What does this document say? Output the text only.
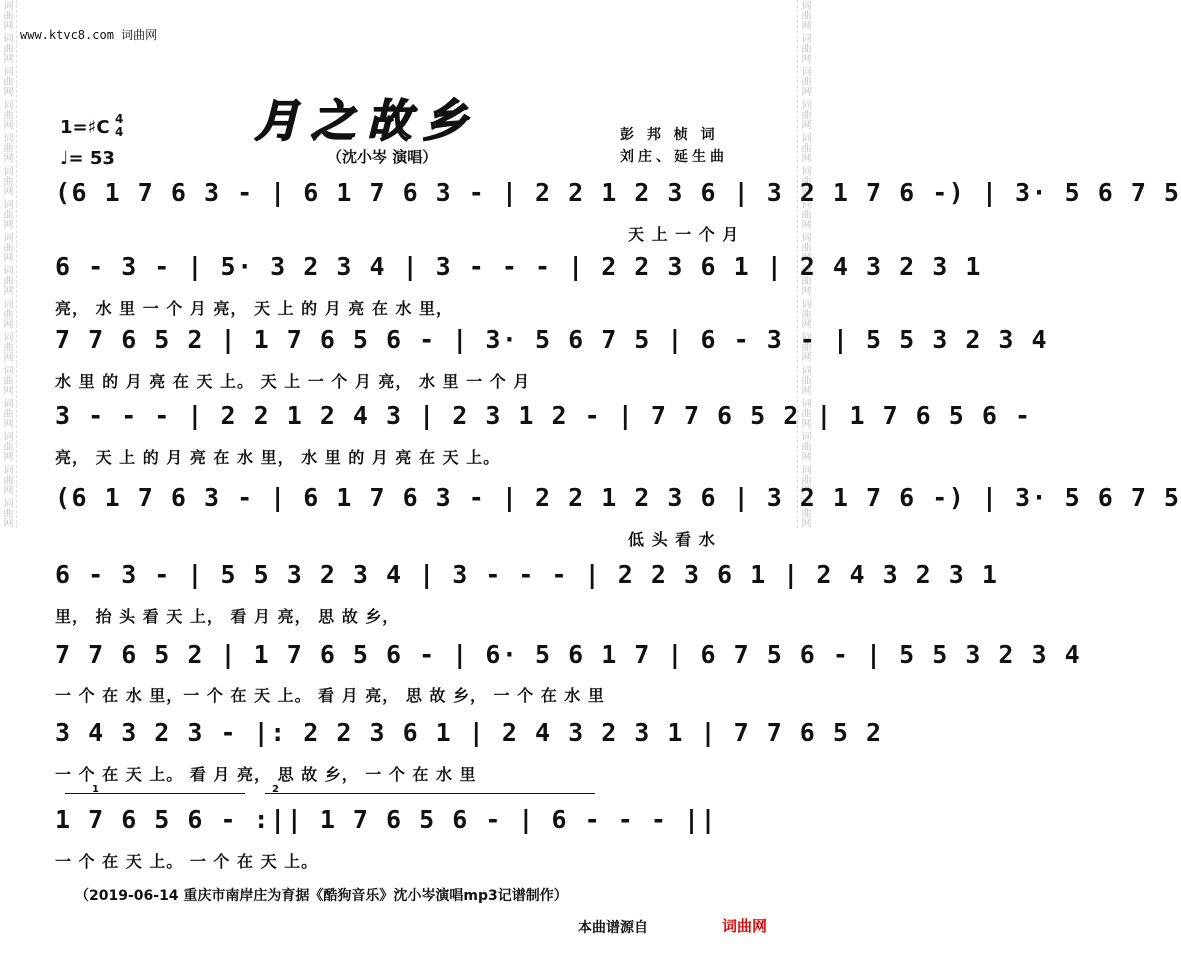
词曲网 词曲网 词曲网 词曲网 词曲网 词曲网 词曲网 词曲网 词曲网 词曲网 词曲网 词曲网 词曲网 词曲网 词曲网 词曲网	词曲网 词曲网 词曲网 词曲网 词曲网 词曲网 词曲网 词曲网 词曲网 词曲网 词曲网 词曲网 词曲网 词曲网 词曲网 词曲网
www.ktvc8.com 词曲网
月之故乡
1=♯C 4
4
♩= 53	（沈小岑 演唱）
彭 邦 桢 词
刘庄、延生曲
(6 1 7 6 3 - | 6 1 7 6 3 - | 2 2 1 2 3 6 | 3 2 1 7 6 -) | 3· 5 6 7 5
天 上 一 个 月
6 - 3 - | 5· 3 2 3 4 | 3 - - - | 2 2 3 6 1 | 2 4 3 2 3 1
亮， 水 里 一 个 月 亮， 天 上 的 月 亮 在 水 里，
7 7 6 5 2 | 1 7 6 5 6 - | 3· 5 6 7 5 | 6 - 3 - | 5 5 3 2 3 4
水 里 的 月 亮 在 天 上。 天 上 一 个 月 亮， 水 里 一 个 月
3 - - - | 2 2 1 2 4 3 | 2 3 1 2 - | 7 7 6 5 2 | 1 7 6 5 6 -
亮， 天 上 的 月 亮 在 水 里， 水 里 的 月 亮 在 天 上。
(6 1 7 6 3 - | 6 1 7 6 3 - | 2 2 1 2 3 6 | 3 2 1 7 6 -) | 3· 5 6 7 5
低 头 看 水
6 - 3 - | 5 5 3 2 3 4 | 3 - - - | 2 2 3 6 1 | 2 4 3 2 3 1
里， 抬 头 看 天 上， 看 月 亮， 思 故 乡，
7 7 6 5 2 | 1 7 6 5 6 - | 6· 5 6 1 7 | 6 7 5 6 - | 5 5 3 2 3 4
一 个 在 水 里，一 个 在 天 上。 看 月 亮， 思 故 乡， 一 个 在 水 里
3 4 3 2 3 - |: 2 2 3 6 1 | 2 4 3 2 3 1 | 7 7 6 5 2
一 个 在 天 上。 看 月 亮， 思 故 乡， 一 个 在 水 里
1	2
1 7 6 5 6 - :|| 1 7 6 5 6 - | 6 - - - ||
一 个 在 天 上。 一 个 在 天 上。
（2019-06-14 重庆市南岸庄为育据《酷狗音乐》沈小岑演唱mp3记谱制作）
本曲谱源自	词曲网
